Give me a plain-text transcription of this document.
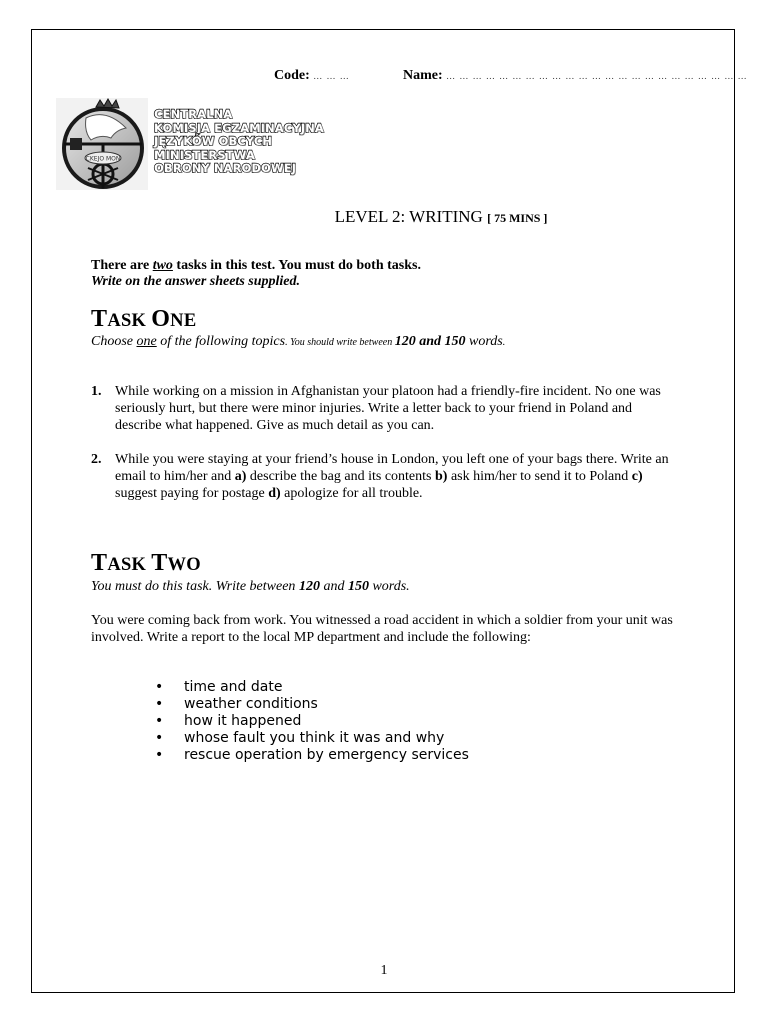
Code: … … …	Name: … … … … … … … … … … … … … … … … … … … … … … …
CKEJO MON
CENTRALNA
KOMISJA EGZAMINACYJNA
JĘZYKÓW OBCYCH
MINISTERSTWA
OBRONY NARODOWEJ
LEVEL 2: WRITING [ 75 MINS ]
There are two tasks in this test. You must do both tasks.
Write on the answer sheets supplied.
TASK ONE
Choose one of the following topics. You should write between 120 and 150 words.
1. While working on a mission in Afghanistan your platoon had a friendly-fire incident. No one was seriously hurt, but there were minor injuries. Write a letter back to your friend in Poland and describe what happened. Give as much detail as you can.
2. While you were staying at your friend’s house in London, you left one of your bags there. Write an email to him/her and a) describe the bag and its contents b) ask him/her to send it to Poland c) suggest paying for postage d) apologize for all trouble.
TASK TWO
You must do this task. Write between 120 and 150 words.
You were coming back from work. You witnessed a road accident in which a soldier from your unit was involved. Write a report to the local MP department and include the following:
•	time and date
•	weather conditions
•	how it happened
•	whose fault you think it was and why
•	rescue operation by emergency services
1
